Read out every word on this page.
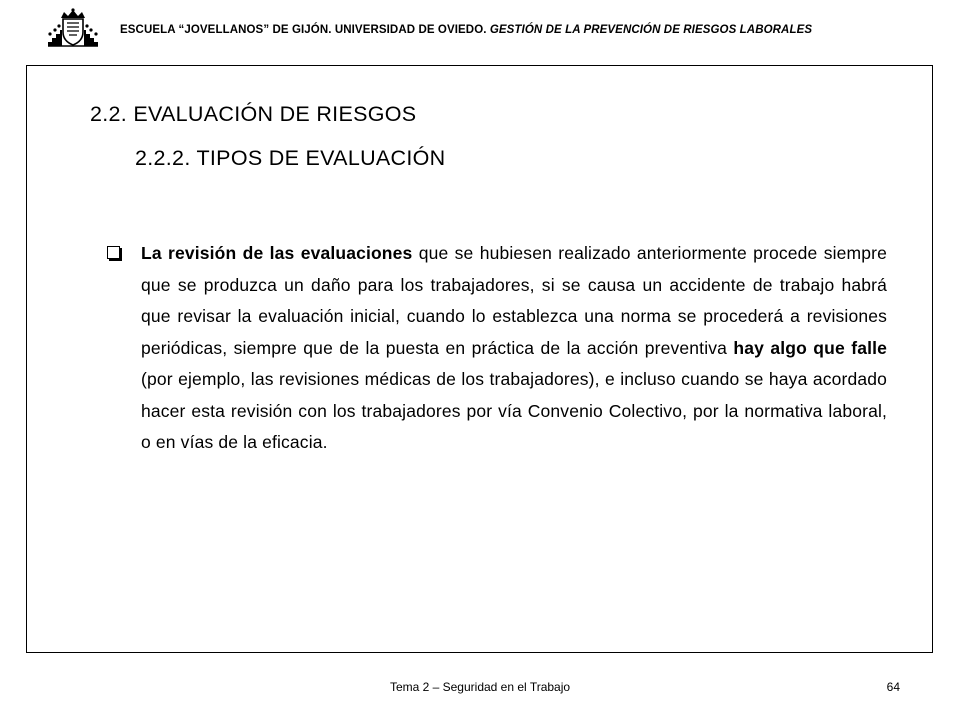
ESCUELA “JOVELLANOS” DE GIJÓN. UNIVERSIDAD DE OVIEDO. GESTIÓN DE LA PREVENCIÓN DE RIESGOS LABORALES
2.2. EVALUACIÓN DE RIESGOS
2.2.2. TIPOS DE EVALUACIÓN

La revisión de las evaluaciones que se hubiesen realizado anteriormente procede siempre que se produzca un daño para los trabajadores, si se causa un accidente de trabajo habrá que revisar la evaluación inicial, cuando lo establezca una norma se procederá a revisiones periódicas, siempre que de la puesta en práctica de la acción preventiva hay algo que falle (por ejemplo, las revisiones médicas de los trabajadores), e incluso cuando se haya acordado hacer esta revisión con los trabajadores por vía Convenio Colectivo, por la normativa laboral, o en vías de la eficacia.

Tema 2 – Seguridad en el Trabajo	64
